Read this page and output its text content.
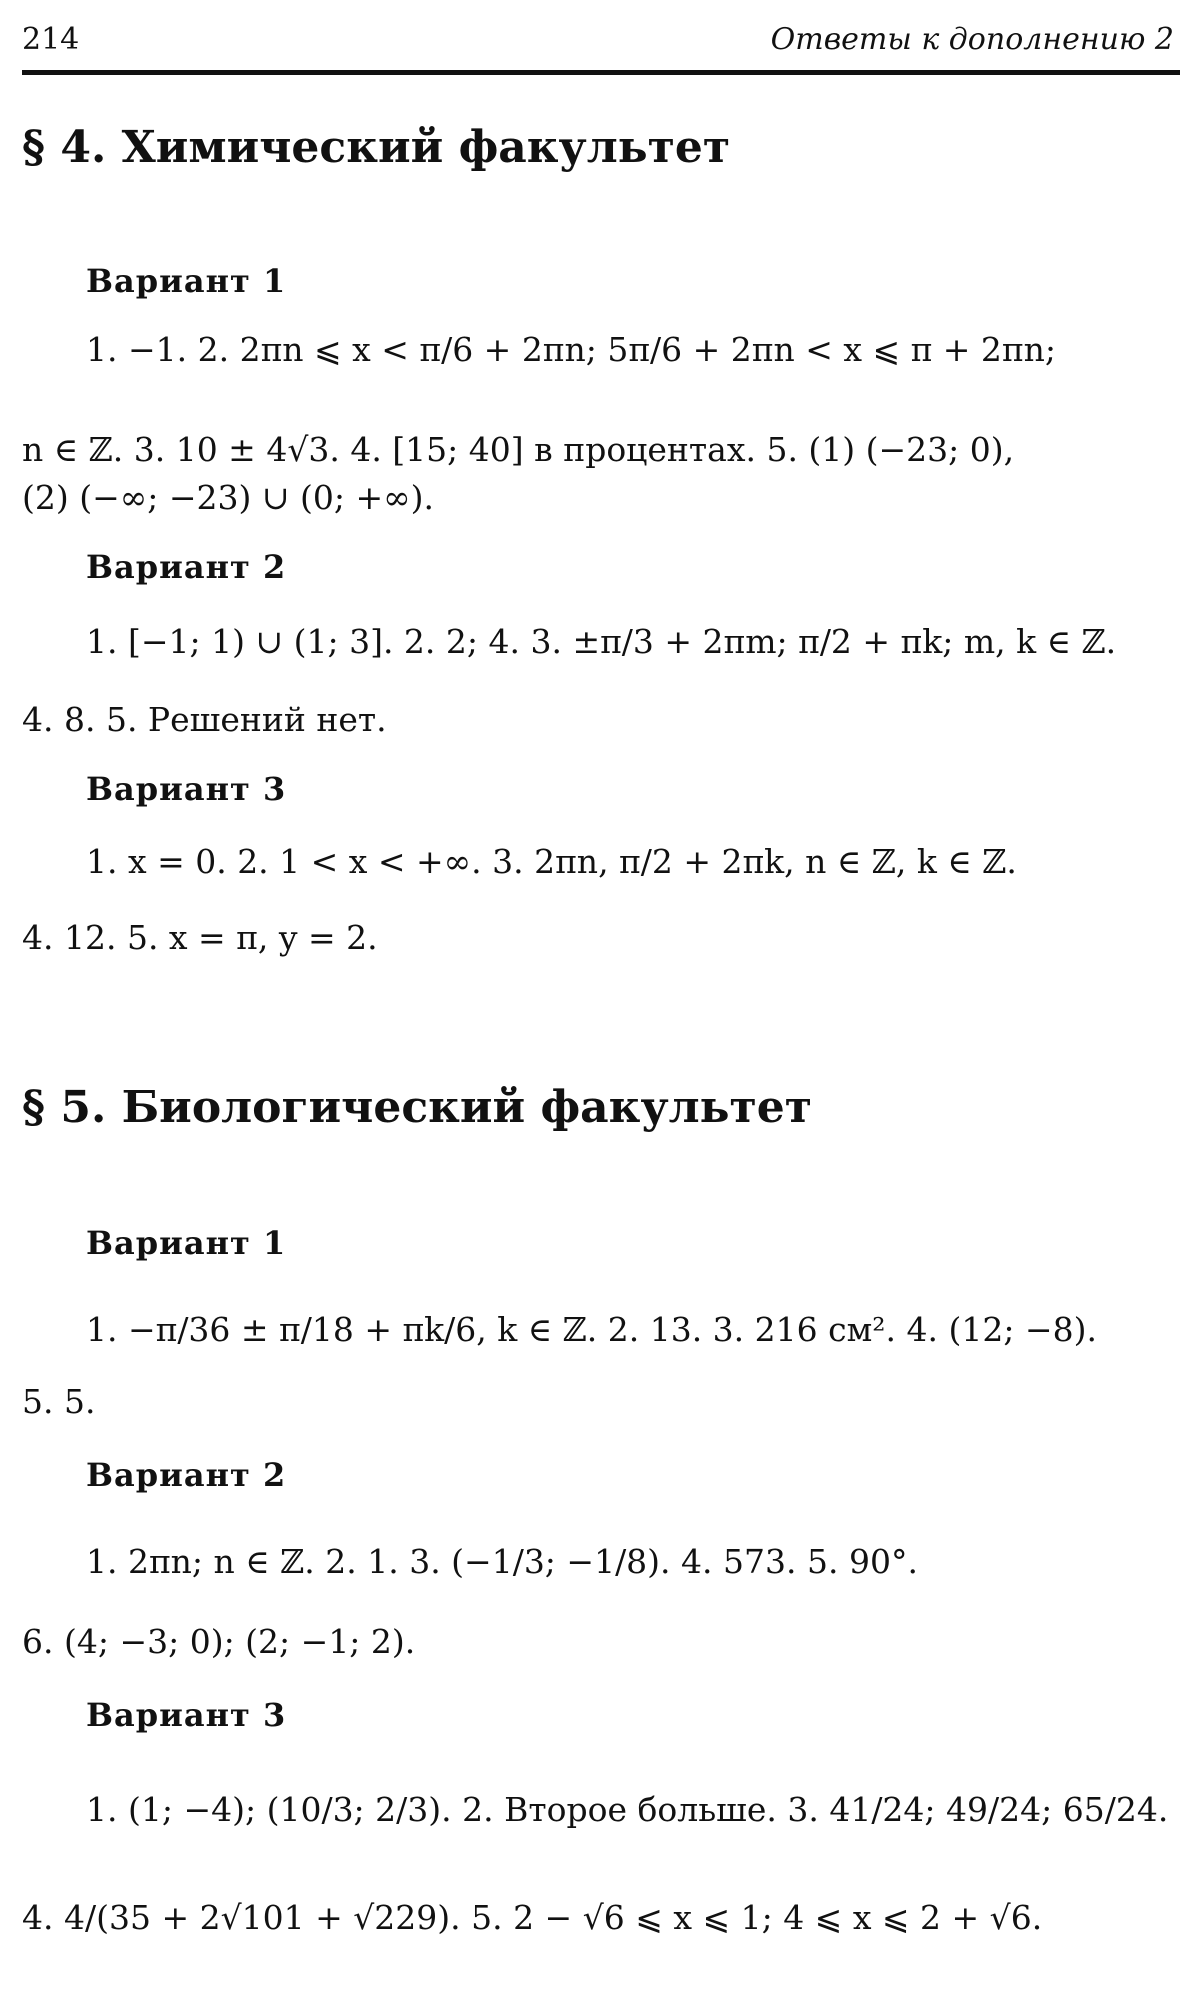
214	Ответы к дополнению 2
§ 4. Химический факультет
Вариант 1
1. −1. 2. 2πn ⩽ x < π/6 + 2πn; 5π/6 + 2πn < x ⩽ π + 2πn;
n ∈ ℤ. 3. 10 ± 4√3. 4. [15; 40] в процентах. 5. (1) (−23; 0),
(2) (−∞; −23) ∪ (0; +∞).
Вариант 2
1. [−1; 1) ∪ (1; 3]. 2. 2; 4. 3. ±π/3 + 2πm; π/2 + πk; m, k ∈ ℤ.
4. 8. 5. Решений нет.
Вариант 3
1. x = 0. 2. 1 < x < +∞. 3. 2πn, π/2 + 2πk, n ∈ ℤ, k ∈ ℤ.
4. 12. 5. x = π, y = 2.
§ 5. Биологический факультет
Вариант 1
1. −π/36 ± π/18 + πk/6, k ∈ ℤ. 2. 13. 3. 216 см². 4. (12; −8).
5. 5.
Вариант 2
1. 2πn; n ∈ ℤ. 2. 1. 3. (−1/3; −1/8). 4. 573. 5. 90°.
6. (4; −3; 0); (2; −1; 2).
Вариант 3
1. (1; −4); (10/3; 2/3). 2. Второе больше. 3. 41/24; 49/24; 65/24.
4. 4/(35 + 2√101 + √229). 5. 2 − √6 ⩽ x ⩽ 1; 4 ⩽ x ⩽ 2 + √6.
